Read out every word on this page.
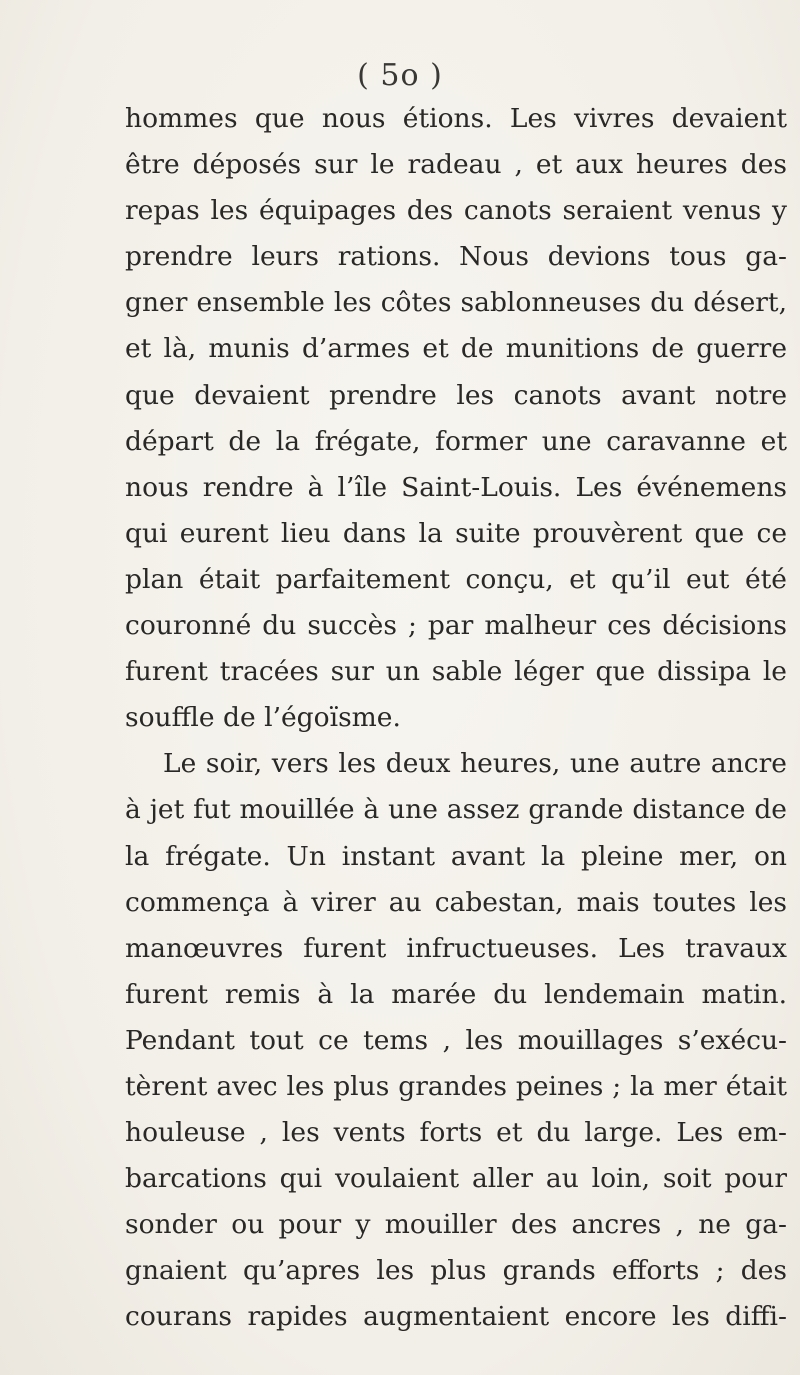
( 5o )
hommes que nous étions. Les vivres devaient
être déposés sur le radeau , et aux heures des
repas les équipages des canots seraient venus y
prendre leurs rations. Nous devions tous ga-
gner ensemble les côtes sablonneuses du désert,
et là, munis d’armes et de munitions de guerre
que devaient prendre les canots avant notre
départ de la frégate, former une caravanne et
nous rendre à l’île Saint-Louis. Les événemens
qui eurent lieu dans la suite prouvèrent que ce
plan était parfaitement conçu, et qu’il eut été
couronné du succès ; par malheur ces décisions
furent tracées sur un sable léger que dissipa le
souffle de l’égoïsme.
Le soir, vers les deux heures, une autre ancre
à jet fut mouillée à une assez grande distance de
la frégate. Un instant avant la pleine mer, on
commença à virer au cabestan, mais toutes les
manœuvres furent infructueuses. Les travaux
furent remis à la marée du lendemain matin.
Pendant tout ce tems , les mouillages s’exécu-
tèrent avec les plus grandes peines ; la mer était
houleuse , les vents forts et du large. Les em-
barcations qui voulaient aller au loin, soit pour
sonder ou pour y mouiller des ancres , ne ga-
gnaient qu’apres les plus grands efforts ; des
courans rapides augmentaient encore les diffi-
